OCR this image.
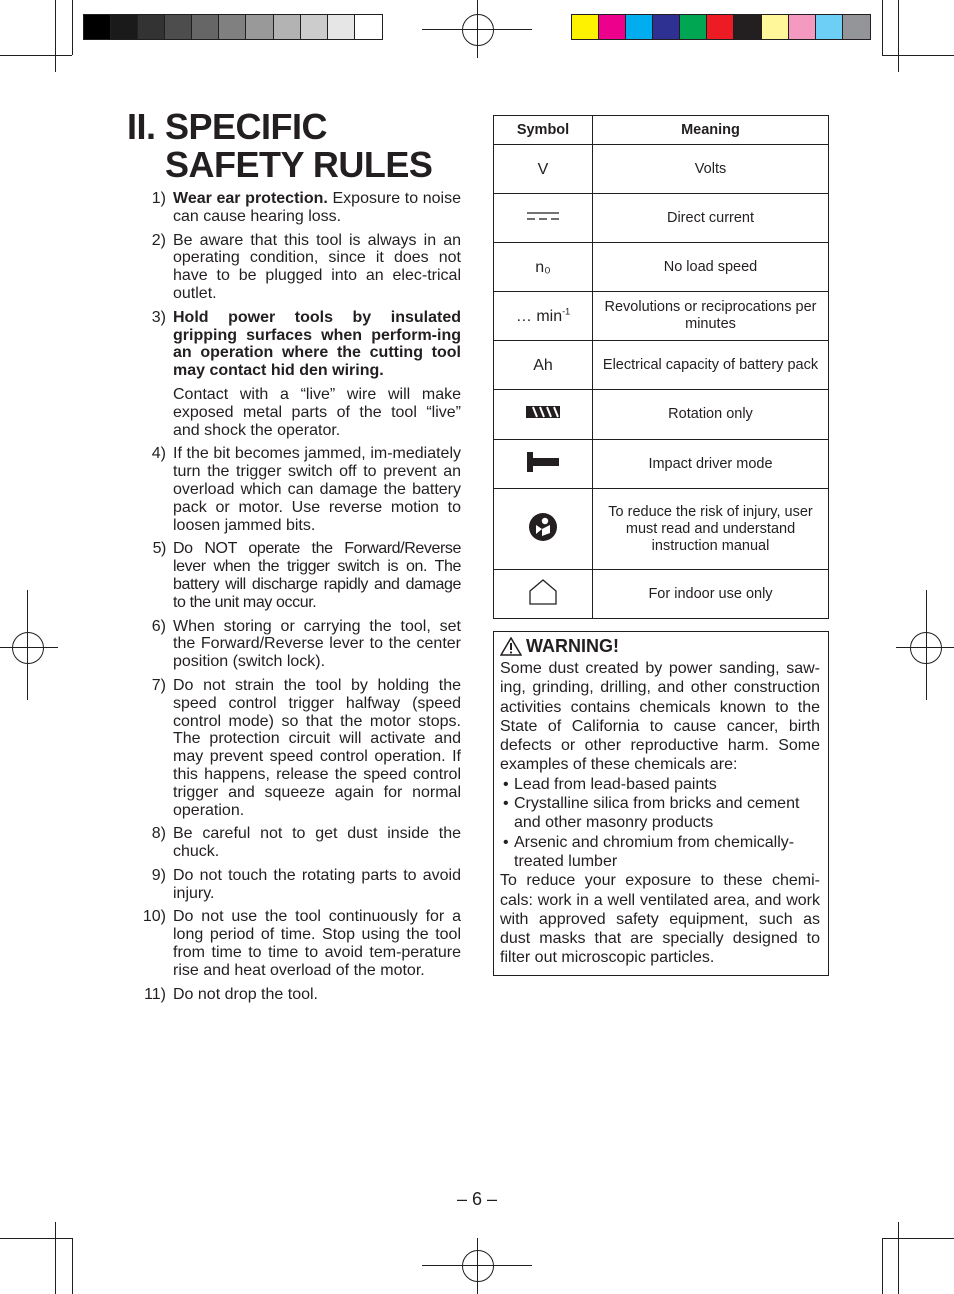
II. SPECIFIC
SAFETY RULES
1) Wear ear protection. Exposure to noise can cause hearing loss.

2) Be aware that this tool is always in an operating condition, since it does not have to be plugged into an elec-trical outlet.

3) Hold power tools by insulated gripping surfaces when perform-ing an operation where the cutting tool may contact hid den wiring.

Contact with a “live” wire will make exposed metal parts of the tool “live” and shock the operator.

4) If the bit becomes jammed, im-mediately turn the trigger switch off to prevent an overload which can damage the battery pack or motor. Use reverse motion to loosen jammed bits.

5) Do NOT operate the Forward/Reverse lever when the trigger switch is on. The battery will discharge rapidly and damage to the unit may occur.

6) When storing or carrying the tool, set the Forward/Reverse lever to the center position (switch lock).

7) Do not strain the tool by holding the speed control trigger halfway (speed control mode) so that the motor stops. The protection circuit will activate and may prevent speed control operation. If this happens, release the speed control trigger and squeeze again for normal operation.

8) Be careful not to get dust inside the chuck.

9) Do not touch the rotating parts to avoid injury.

10) Do not use the tool continuously for a long period of time. Stop using the tool from time to time to avoid tem-perature rise and heat overload of the motor.

11) Do not drop the tool.

Symbol	Meaning
V	Volts
	Direct current
n₀	No load speed
… $\min^{-1}$	Revolutions or reciprocations per minutes
Ah	Electrical capacity of battery pack
	Rotation only
	Impact driver mode
	To reduce the risk of injury, user must read and understand instruction manual
	For indoor use only
WARNING!

Some dust created by power sanding, saw-ing, grinding, drilling, and other construction activities contains chemicals known to the State of California to cause cancer, birth defects or other reproductive harm. Some examples of these chemicals are:

• Lead from lead-based paints
• Crystalline silica from bricks and cement and other masonry products
• Arsenic and chromium from chemically-treated lumber

To reduce your exposure to these chemi-cals: work in a well ventilated area, and work with approved safety equipment, such as dust masks that are specially designed to filter out microscopic particles.

– 6 –
